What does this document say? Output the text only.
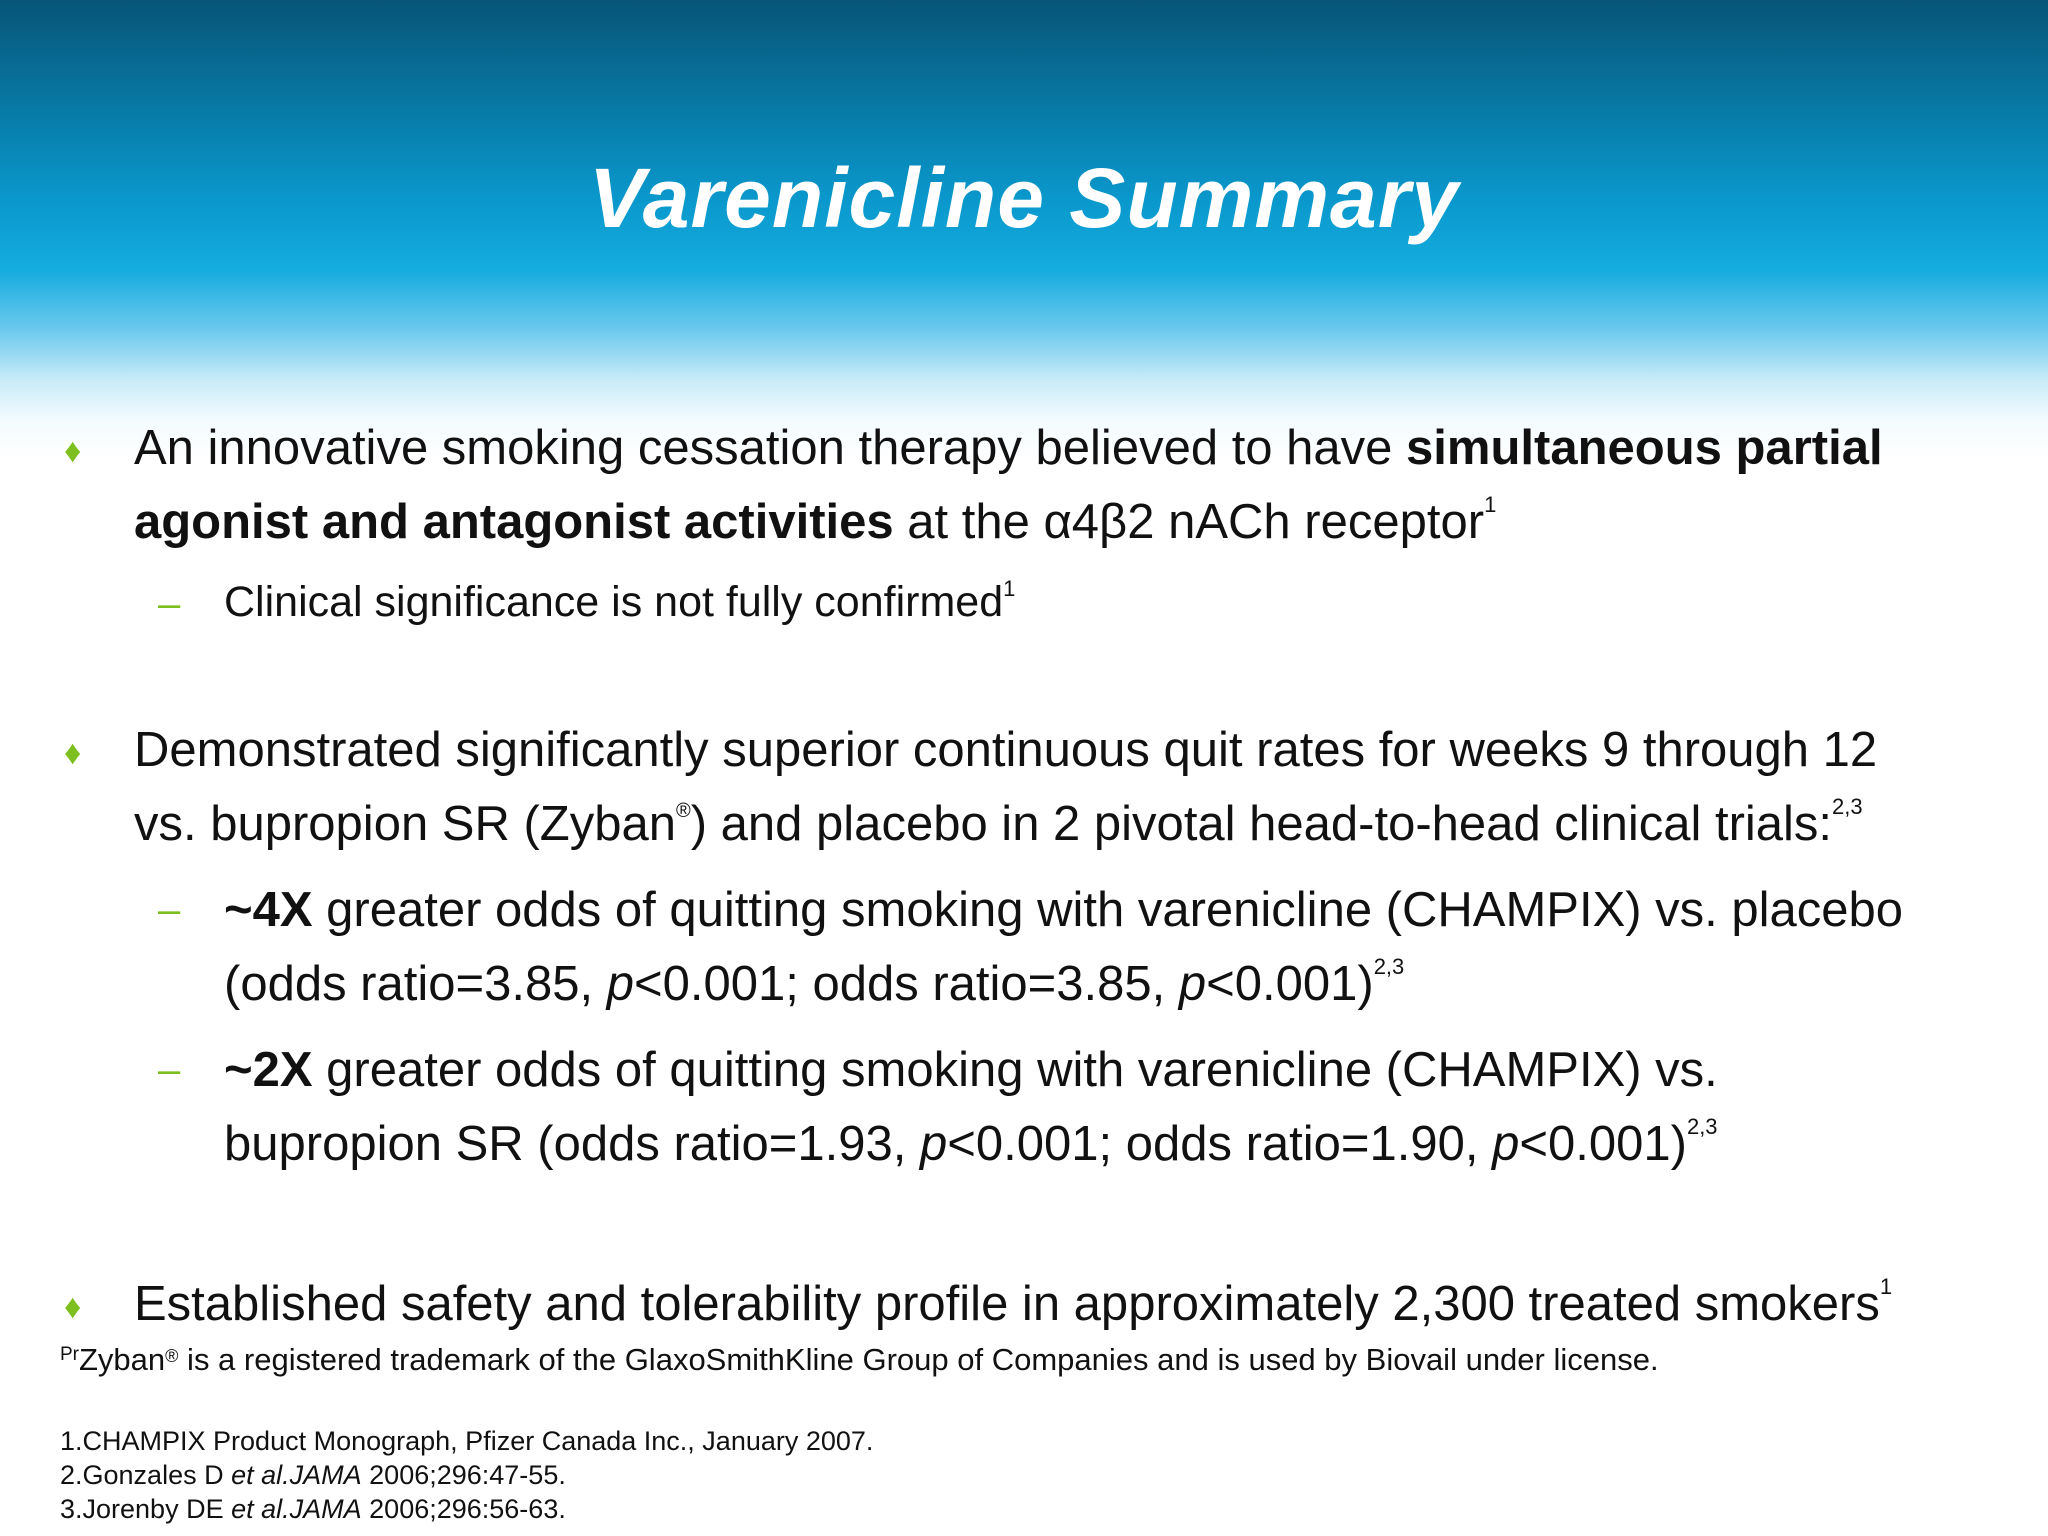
Varenicline Summary
♦ An innovative smoking cessation therapy believed to have simultaneous partial
agonist and antagonist activities at the α4β2 nACh receptor$^1$
– Clinical significance is not fully confirmed$^1$
♦ Demonstrated significantly superior continuous quit rates for weeks 9 through 12
vs. bupropion SR (Zyban®) and placebo in 2 pivotal head-to-head clinical trials:$^{2,3}$
– ~4X greater odds of quitting smoking with varenicline (CHAMPIX) vs. placebo
(odds ratio=3.85, p<0.001; odds ratio=3.85, p<0.001)$^{2,3}$
– ~2X greater odds of quitting smoking with varenicline (CHAMPIX) vs.
bupropion SR (odds ratio=1.93, p<0.001; odds ratio=1.90, p<0.001)$^{2,3}$
♦ Established safety and tolerability profile in approximately 2,300 treated smokers$^1$
$^{Pr}$Zyban® is a registered trademark of the GlaxoSmithKline Group of Companies and is used by Biovail under license.
1.CHAMPIX Product Monograph, Pfizer Canada Inc., January 2007.
2.Gonzales D et al.JAMA 2006;296:47-55.
3.Jorenby DE et al.JAMA 2006;296:56-63.
